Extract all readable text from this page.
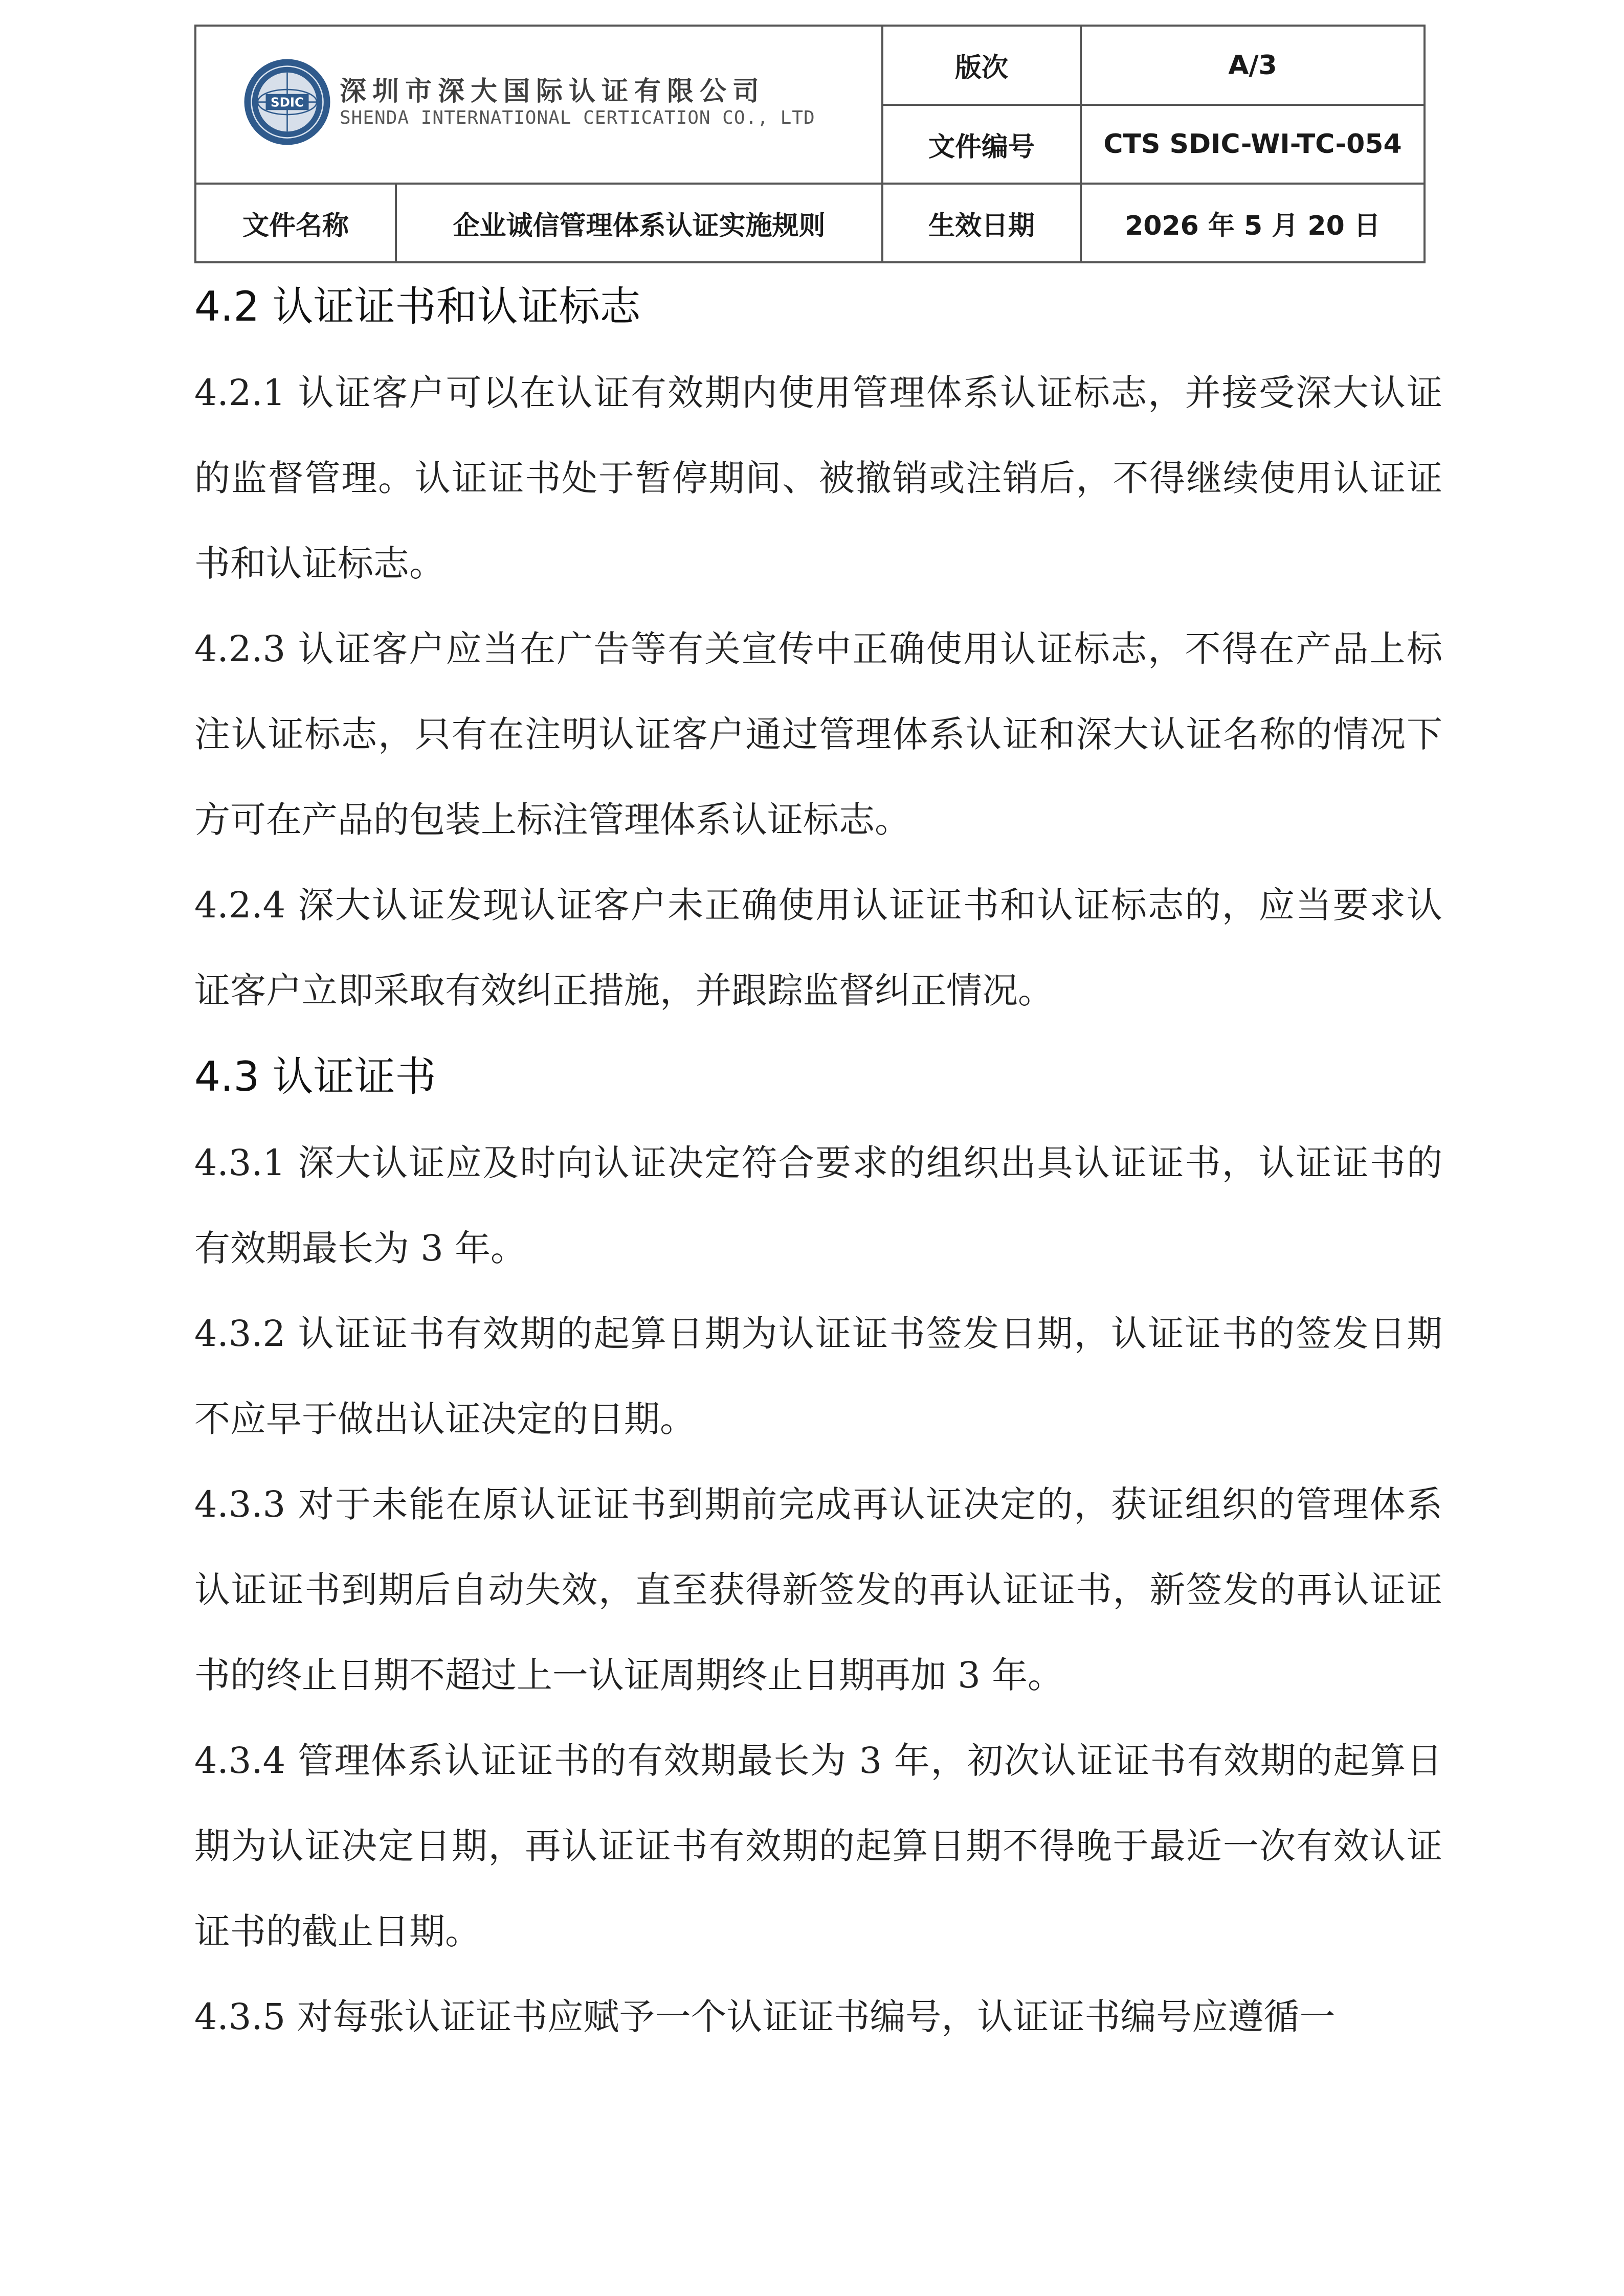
SDIC 深圳市深大国际认证有限公司
SHENDA INTERNATIONAL CERTICATION CO., LTD
版次	A/3
文件编号	CTS SDIC-WI-TC-054
文件名称	企业诚信管理体系认证实施规则	生效日期	2026 年 5 月 20 日
4.2 认证证书和认证标志
4.2.1 认证客户可以在认证有效期内使用管理体系认证标志，并接受深大认证的监督管理。认证证书处于暂停期间、被撤销或注销后，不得继续使用认证证书和认证标志。
4.2.3 认证客户应当在广告等有关宣传中正确使用认证标志，不得在产品上标注认证标志，只有在注明认证客户通过管理体系认证和深大认证名称的情况下方可在产品的包装上标注管理体系认证标志。
4.2.4 深大认证发现认证客户未正确使用认证证书和认证标志的，应当要求认证客户立即采取有效纠正措施，并跟踪监督纠正情况。
4.3 认证证书
4.3.1 深大认证应及时向认证决定符合要求的组织出具认证证书，认证证书的有效期最长为 3 年。
4.3.2 认证证书有效期的起算日期为认证证书签发日期，认证证书的签发日期不应早于做出认证决定的日期。
4.3.3 对于未能在原认证证书到期前完成再认证决定的，获证组织的管理体系认证证书到期后自动失效，直至获得新签发的再认证证书，新签发的再认证证书的终止日期不超过上一认证周期终止日期再加 3 年。
4.3.4 管理体系认证证书的有效期最长为 3 年，初次认证证书有效期的起算日期为认证决定日期，再认证证书有效期的起算日期不得晚于最近一次有效认证证书的截止日期。
4.3.5 对每张认证证书应赋予一个认证证书编号，认证证书编号应遵循一
